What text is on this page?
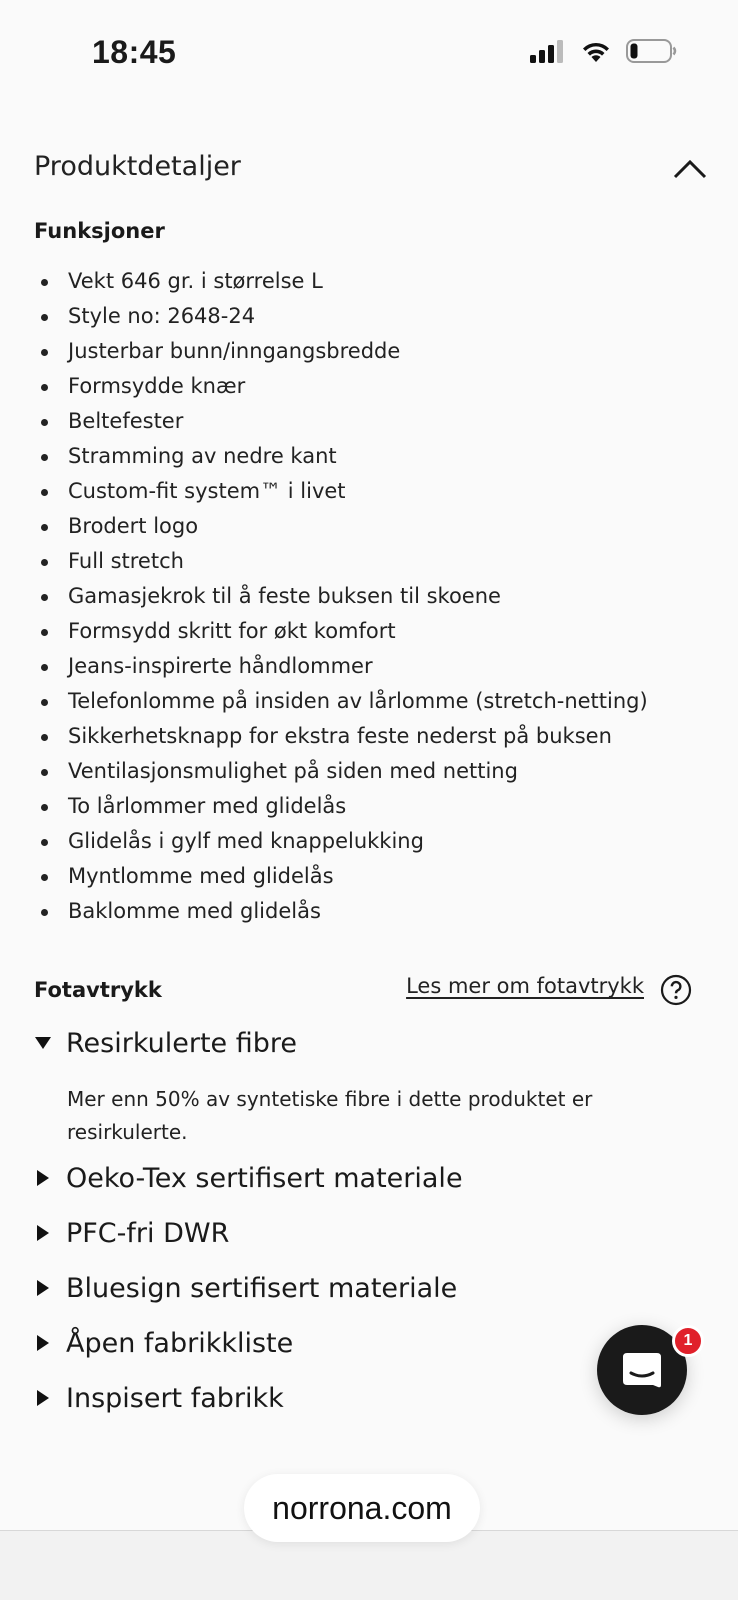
18:45
Produktdetaljer
Funksjoner
Vekt 646 gr. i størrelse L
Style no: 2648-24
Justerbar bunn/inngangsbredde
Formsydde knær
Beltefester
Stramming av nedre kant
Custom-fit system™ i livet
Brodert logo
Full stretch
Gamasjekrok til å feste buksen til skoene
Formsydd skritt for økt komfort
Jeans-inspirerte håndlommer
Telefonlomme på insiden av lårlomme (stretch-netting)
Sikkerhetsknapp for ekstra feste nederst på buksen
Ventilasjonsmulighet på siden med netting
To lårlommer med glidelås
Glidelås i gylf med knappelukking
Myntlomme med glidelås
Baklomme med glidelås
Fotavtrykk	Les mer om fotavtrykk
Resirkulerte fibre
Mer enn 50% av syntetiske fibre i dette produktet er resirkulerte.
Oeko-Tex sertifisert materiale
PFC-fri DWR
Bluesign sertifisert materiale
Åpen fabrikkliste
Inspisert fabrikk
1
norrona.com
